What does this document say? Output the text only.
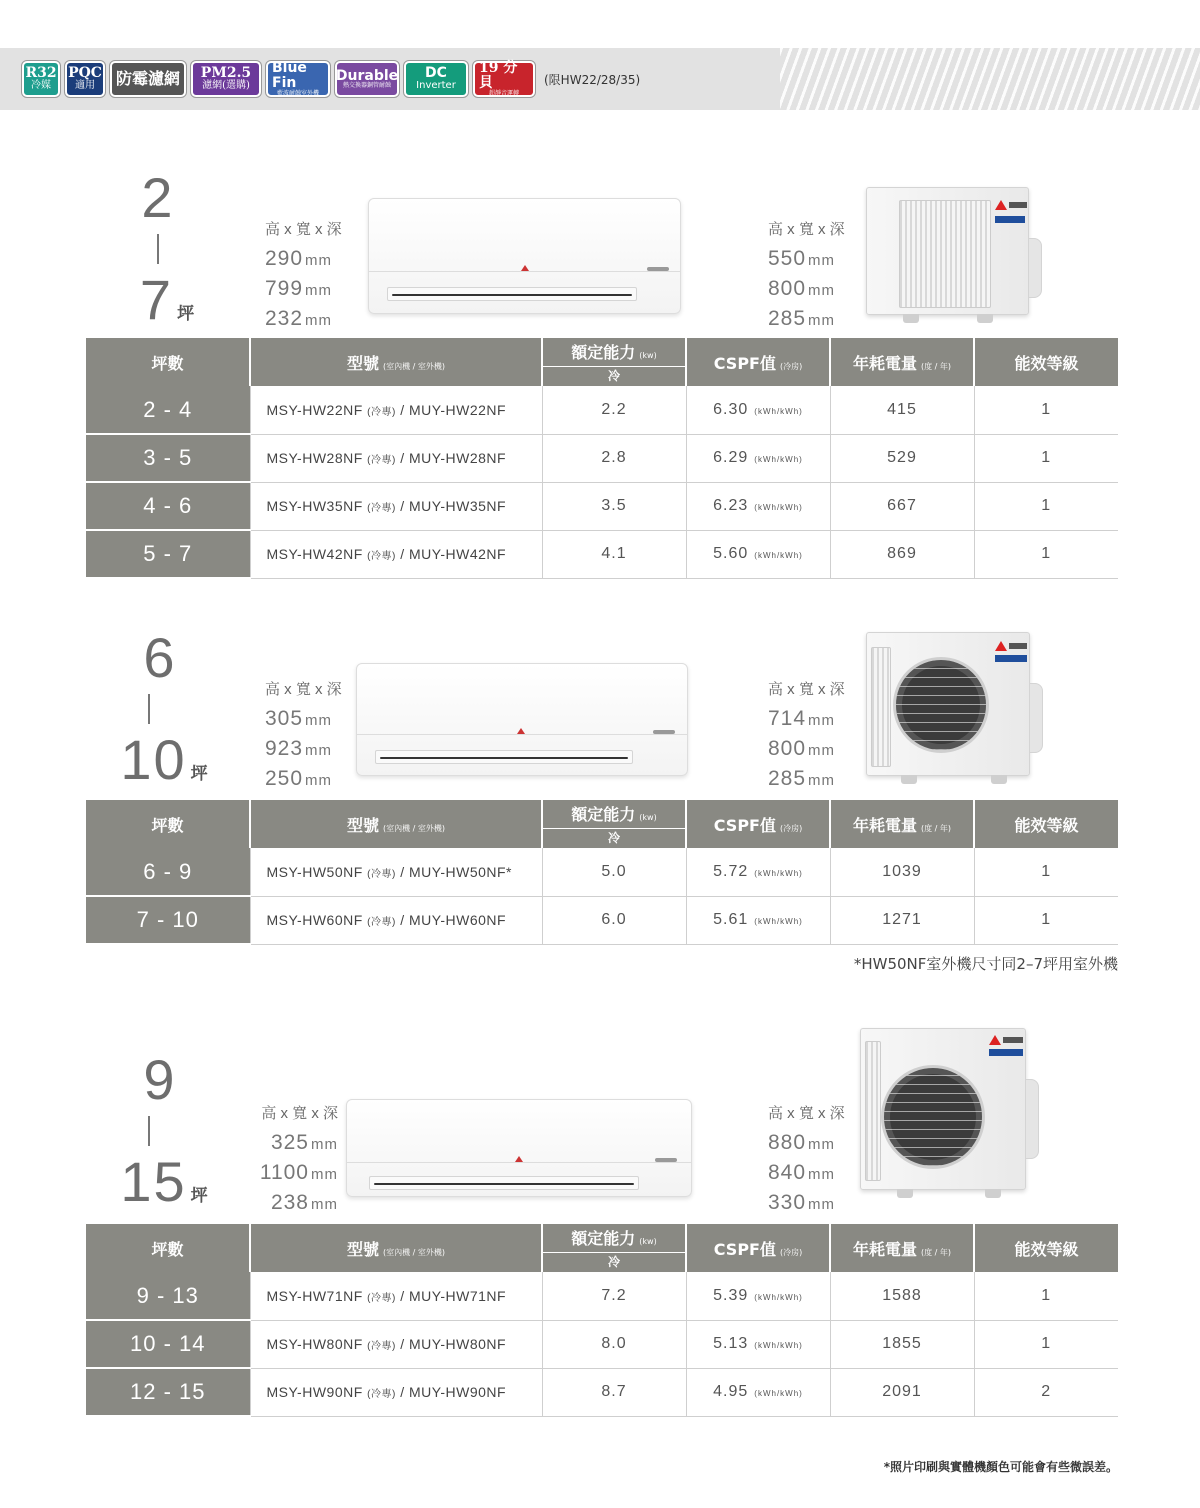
R32
冷媒
PQC
適用 防霉濾網 PM2.5
濾網(選購)
Blue Fin
藍波耐蝕室外機
Durable
熱交換器銅管耐蝕
DC
Inverter
19 分貝
超靜音運轉
(限HW22/28/35)
2
7 坪
高 x 寬 x 深
290 mm
799 mm
232 mm
高 x 寬 x 深
550 mm
800 mm
285 mm
坪數	型號 (室內機 / 室外機)	額定能力 (kw)
冷	CSPF值 (冷房)	年耗電量 (度 / 年)	能效等級
2 - 4	MSY-HW22NF (冷專) / MUY-HW22NF	2.2	6.30 (kWh/kWh)	415	1
3 - 5	MSY-HW28NF (冷專) / MUY-HW28NF	2.8	6.29 (kWh/kWh)	529	1
4 - 6	MSY-HW35NF (冷專) / MUY-HW35NF	3.5	6.23 (kWh/kWh)	667	1
5 - 7	MSY-HW42NF (冷專) / MUY-HW42NF	4.1	5.60 (kWh/kWh)	869	1
6
10 坪
高 x 寬 x 深
305 mm
923 mm
250 mm
高 x 寬 x 深
714 mm
800 mm
285 mm
坪數	型號 (室內機 / 室外機)	額定能力 (kw)
冷	CSPF值 (冷房)	年耗電量 (度 / 年)	能效等級
6 - 9	MSY-HW50NF (冷專) / MUY-HW50NF*	5.0	5.72 (kWh/kWh)	1039	1
7 - 10	MSY-HW60NF (冷專) / MUY-HW60NF	6.0	5.61 (kWh/kWh)	1271	1
*HW50NF室外機尺寸同2–7坪用室外機
9
15 坪
高 x 寬 x 深
325 mm
1100 mm
238 mm
高 x 寬 x 深
880 mm
840 mm
330 mm
坪數	型號 (室內機 / 室外機)	額定能力 (kw)
冷	CSPF值 (冷房)	年耗電量 (度 / 年)	能效等級
9 - 13	MSY-HW71NF (冷專) / MUY-HW71NF	7.2	5.39 (kWh/kWh)	1588	1
10 - 14	MSY-HW80NF (冷專) / MUY-HW80NF	8.0	5.13 (kWh/kWh)	1855	1
12 - 15	MSY-HW90NF (冷專) / MUY-HW90NF	8.7	4.95 (kWh/kWh)	2091	2
*照片印刷與實體機顏色可能會有些微誤差。
